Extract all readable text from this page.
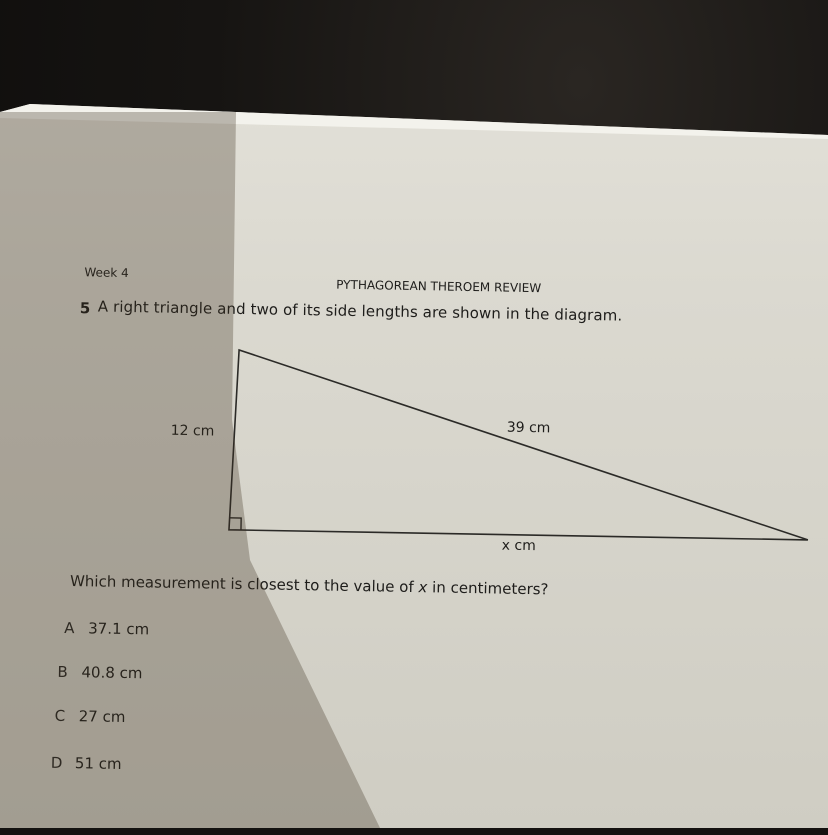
Week 4
PYTHAGOREAN THEROEM REVIEW
5 A right triangle and two of its side lengths are shown in the diagram.
12 cm	39 cm
x cm
Which measurement is closest to the value of x in centimeters?
A 37.1 cm
B 40.8 cm
C 27 cm
D 51 cm
